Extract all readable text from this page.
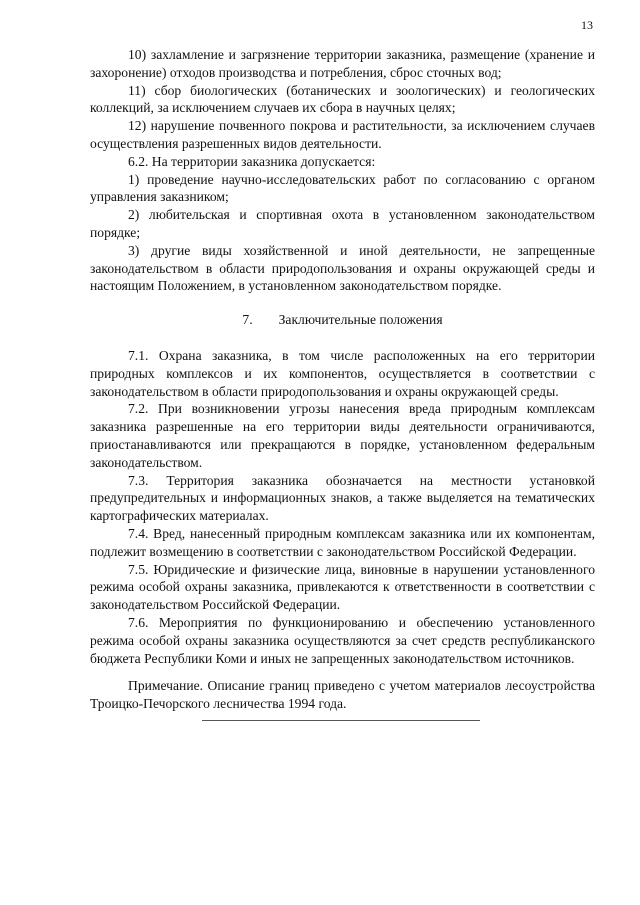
13

10) захламление и загрязнение территории заказника, размещение (хранение и захоронение) отходов производства и потребления, сброс сточных вод;

11) сбор биологических (ботанических и зоологических) и геологических коллекций, за исключением случаев их сбора в научных целях;

12) нарушение почвенного покрова и растительности, за исключением случаев осуществления разрешенных видов деятельности.

6.2. На территории заказника допускается:

1) проведение научно-исследовательских работ по согласованию с органом управления заказником;

2) любительская и спортивная охота в установленном законодательством порядке;

3) другие виды хозяйственной и иной деятельности, не запрещенные законодательством в области природопользования и охраны окружающей среды и настоящим Положением, в установленном законодательством порядке.

7. Заключительные положения

7.1. Охрана заказника, в том числе расположенных на его территории природных комплексов и их компонентов, осуществляется в соответствии с законодательством в области природопользования и охраны окружающей среды.

7.2. При возникновении угрозы нанесения вреда природным комплексам заказника разрешенные на его территории виды деятельности ограничиваются, приостанавливаются или прекращаются в порядке, установленном федеральным законодательством.

7.3. Территория заказника обозначается на местности установкой предупредительных и информационных знаков, а также выделяется на тематических картографических материалах.

7.4. Вред, нанесенный природным комплексам заказника или их компонентам, подлежит возмещению в соответствии с законодательством Российской Федерации.

7.5. Юридические и физические лица, виновные в нарушении установленного режима особой охраны заказника, привлекаются к ответственности в соответствии с законодательством Российской Федерации.

7.6. Мероприятия по функционированию и обеспечению установленного режима особой охраны заказника осуществляются за счет средств республиканского бюджета Республики Коми и иных не запрещенных законодательством источников.

Примечание. Описание границ приведено с учетом материалов лесоустройства Троицко-Печорского лесничества 1994 года.
